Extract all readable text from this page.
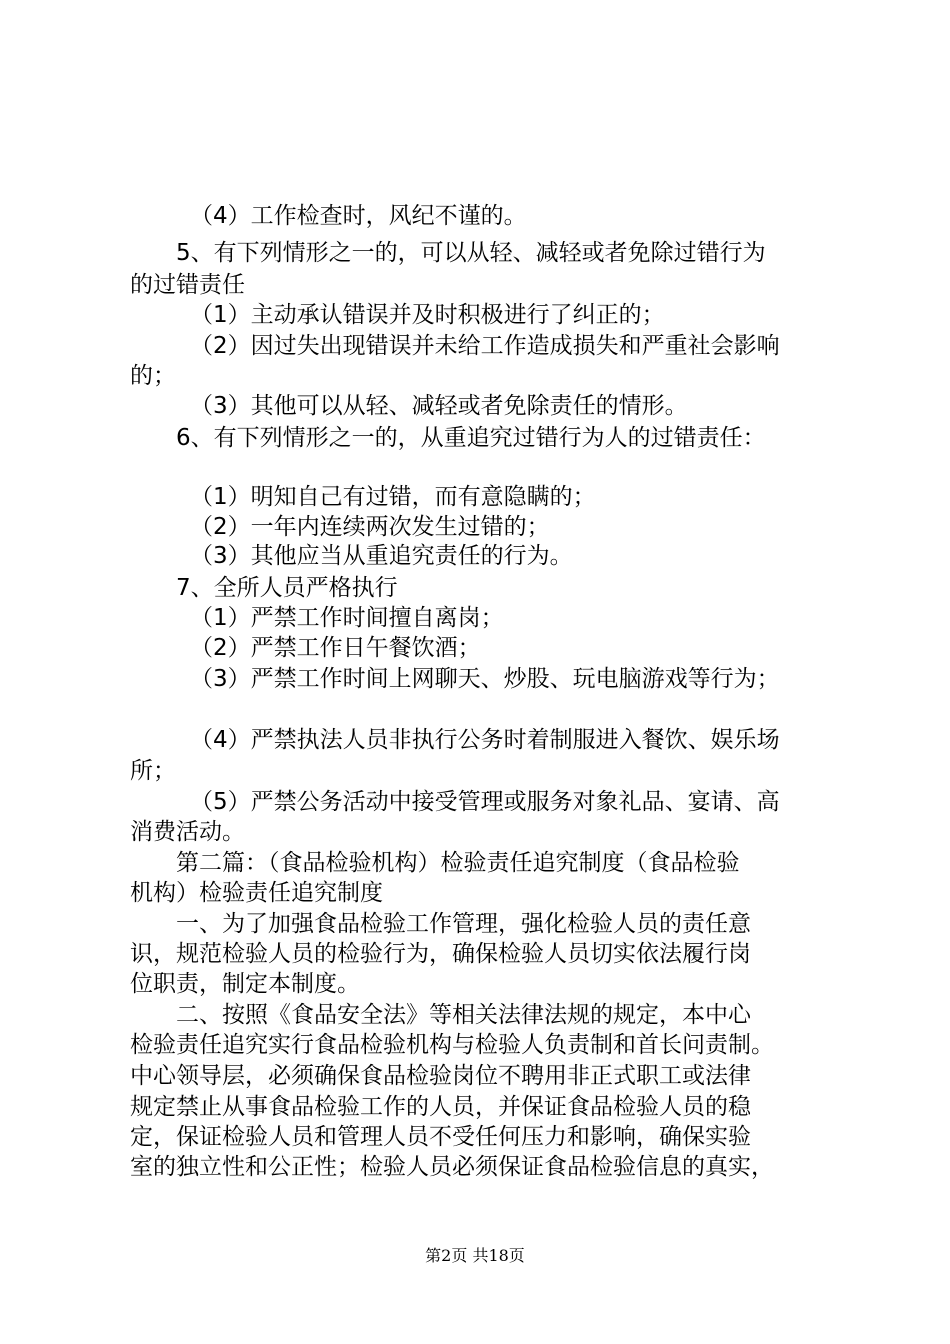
（4）工作检查时，风纪不谨的。
5、有下列情形之一的，可以从轻、减轻或者免除过错行为
的过错责任
（1）主动承认错误并及时积极进行了纠正的；
（2）因过失出现错误并未给工作造成损失和严重社会影响
的；
（3）其他可以从轻、减轻或者免除责任的情形。
6、有下列情形之一的，从重追究过错行为人的过错责任：
（1）明知自己有过错，而有意隐瞒的；
（2）一年内连续两次发生过错的；
（3）其他应当从重追究责任的行为。
7、全所人员严格执行
（1）严禁工作时间擅自离岗；
（2）严禁工作日午餐饮酒；
（3）严禁工作时间上网聊天、炒股、玩电脑游戏等行为；
（4）严禁执法人员非执行公务时着制服进入餐饮、娱乐场
所；
（5）严禁公务活动中接受管理或服务对象礼品、宴请、高
消费活动。
第二篇：（食品检验机构）检验责任追究制度（食品检验
机构）检验责任追究制度
一、为了加强食品检验工作管理，强化检验人员的责任意
识，规范检验人员的检验行为，确保检验人员切实依法履行岗
位职责，制定本制度。
二、按照《食品安全法》等相关法律法规的规定，本中心
检验责任追究实行食品检验机构与检验人负责制和首长问责制。
中心领导层，必须确保食品检验岗位不聘用非正式职工或法律
规定禁止从事食品检验工作的人员，并保证食品检验人员的稳
定，保证检验人员和管理人员不受任何压力和影响，确保实验
室的独立性和公正性；检验人员必须保证食品检验信息的真实，
第2页 共18页
